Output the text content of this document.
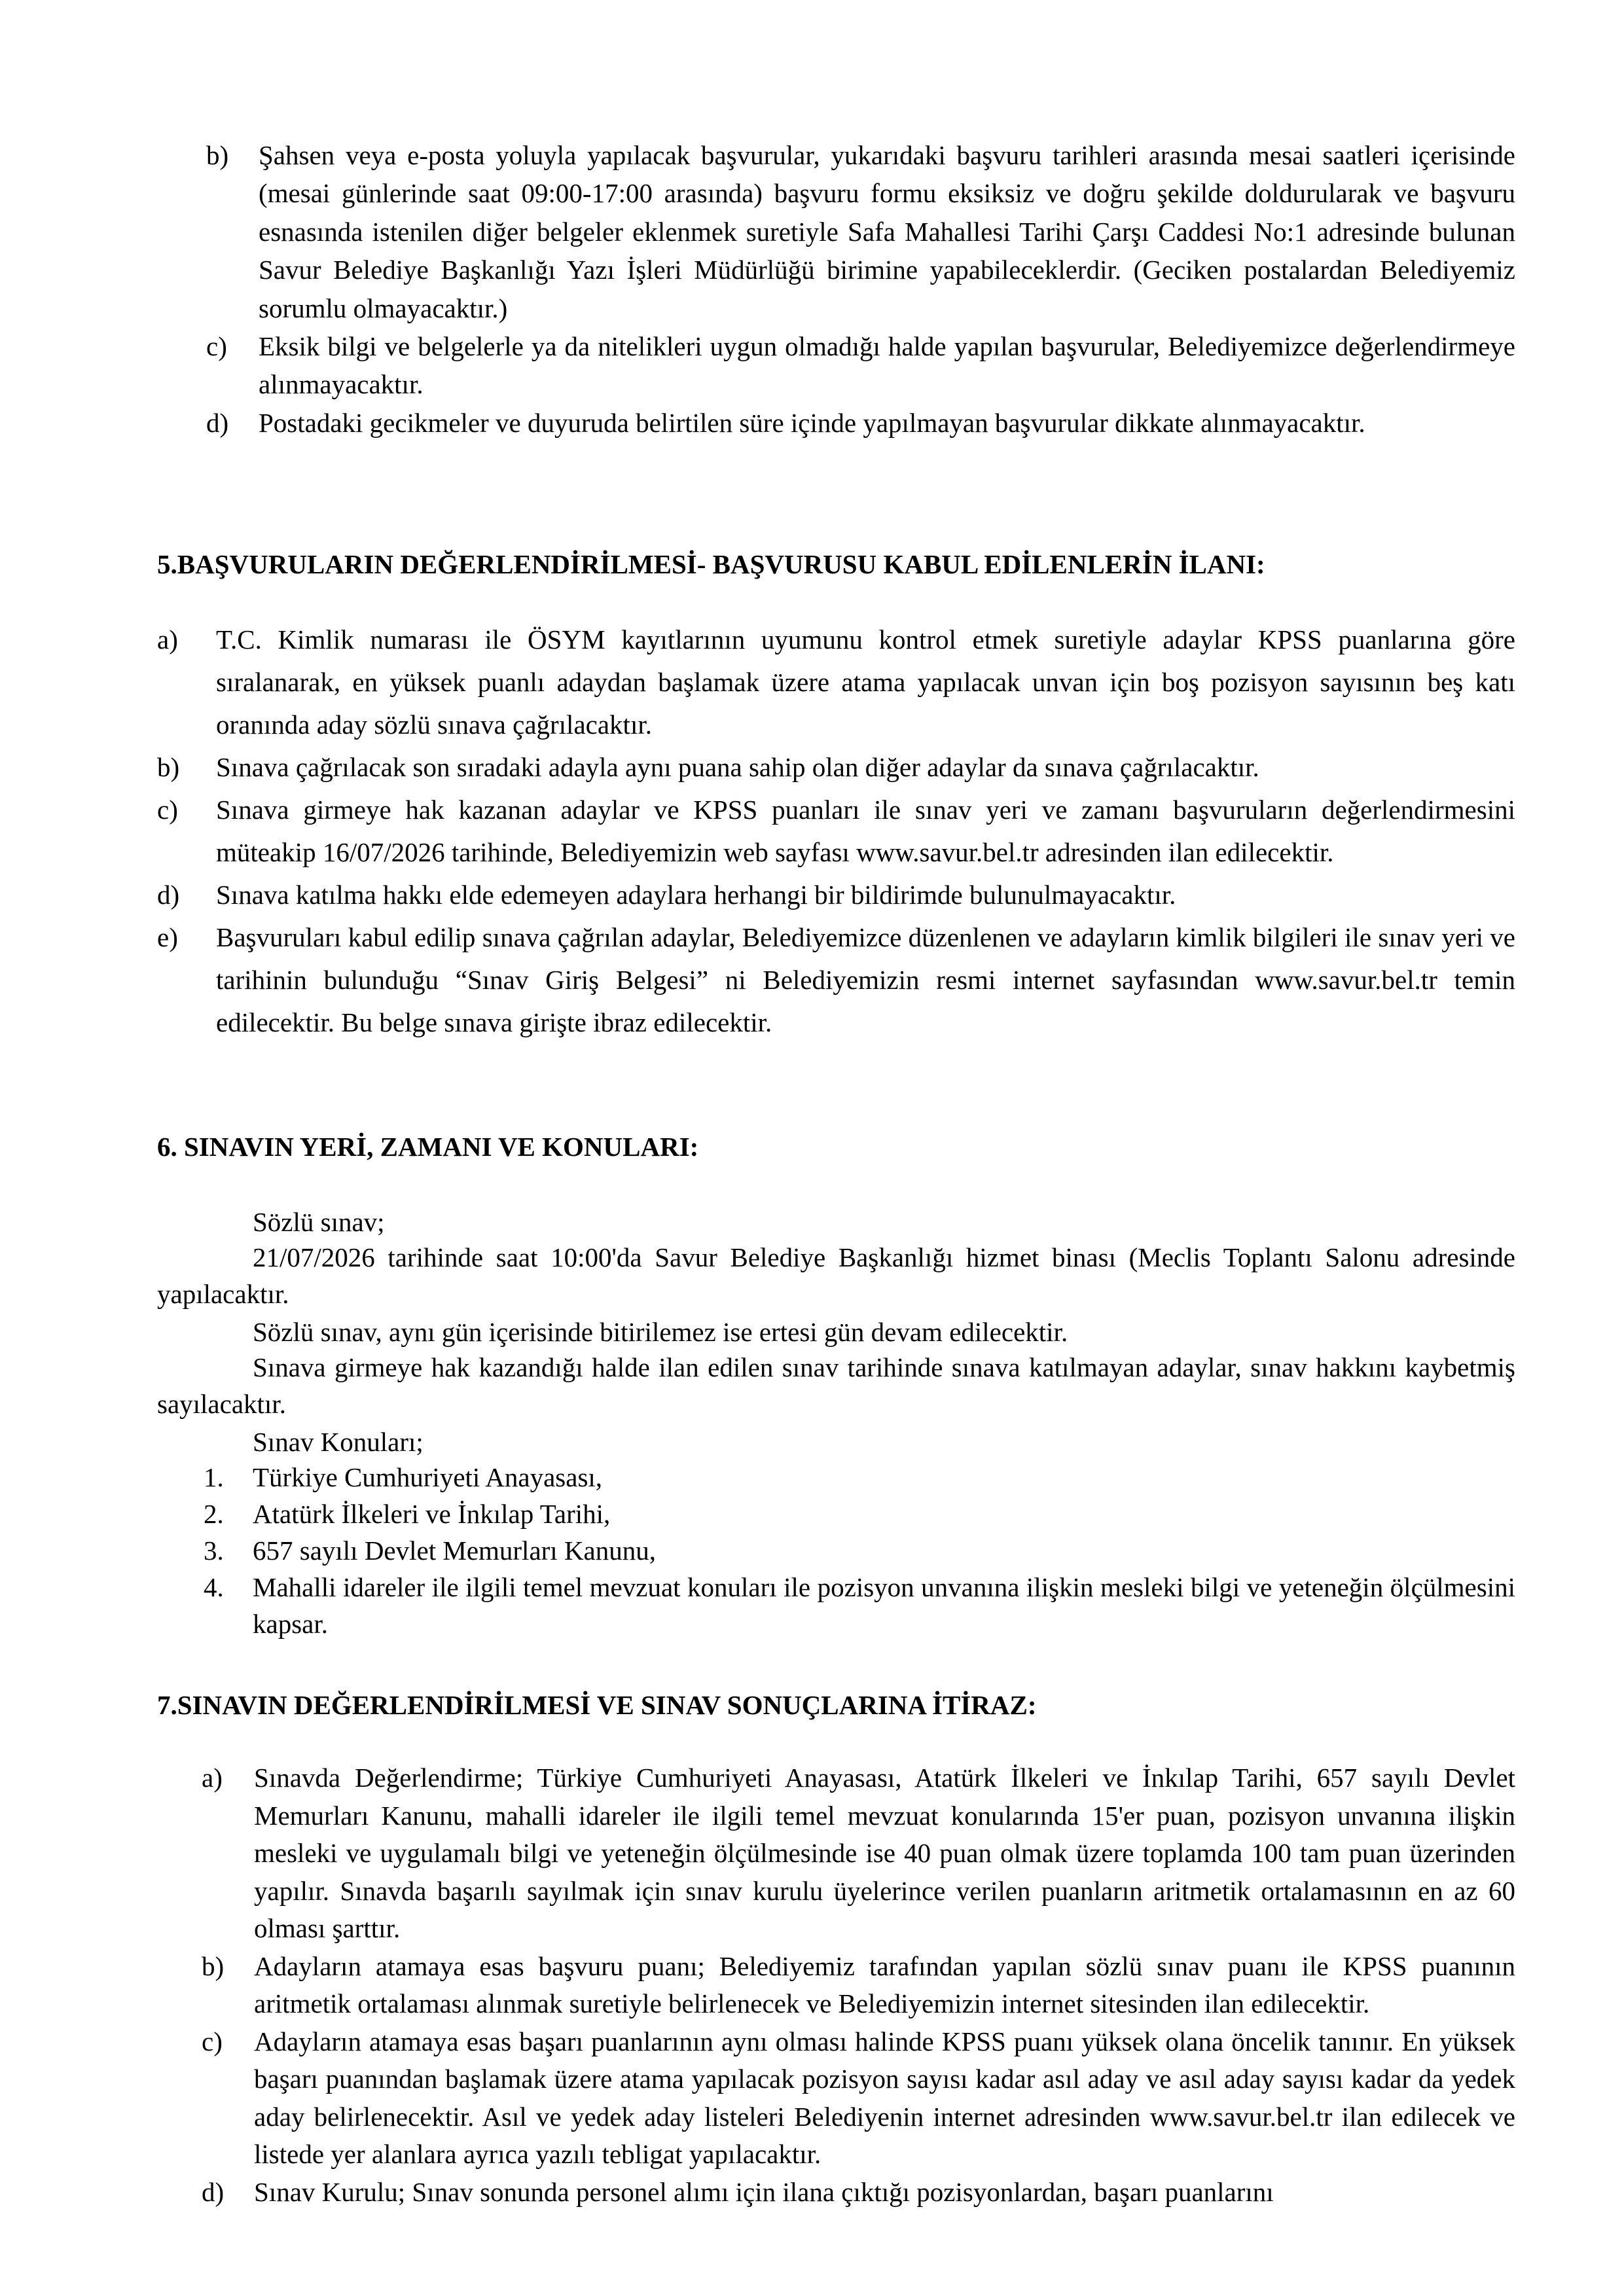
b) Şahsen veya e-posta yoluyla yapılacak başvurular, yukarıdaki başvuru tarihleri arasında mesai saatleri içerisinde (mesai günlerinde saat 09:00-17:00 arasında) başvuru formu eksiksiz ve doğru şekilde doldurularak ve başvuru esnasında istenilen diğer belgeler eklenmek suretiyle Safa Mahallesi Tarihi Çarşı Caddesi No:1 adresinde bulunan Savur Belediye Başkanlığı Yazı İşleri Müdürlüğü birimine yapabileceklerdir. (Geciken postalardan Belediyemiz sorumlu olmayacaktır.)
c) Eksik bilgi ve belgelerle ya da nitelikleri uygun olmadığı halde yapılan başvurular, Belediyemizce değerlendirmeye alınmayacaktır.
d) Postadaki gecikmeler ve duyuruda belirtilen süre içinde yapılmayan başvurular dikkate alınmayacaktır.
5.BAŞVURULARIN DEĞERLENDİRİLMESİ- BAŞVURUSU KABUL EDİLENLERİN İLANI:
a) T.C. Kimlik numarası ile ÖSYM kayıtlarının uyumunu kontrol etmek suretiyle adaylar KPSS puanlarına göre sıralanarak, en yüksek puanlı adaydan başlamak üzere atama yapılacak unvan için boş pozisyon sayısının beş katı oranında aday sözlü sınava çağrılacaktır.
b) Sınava çağrılacak son sıradaki adayla aynı puana sahip olan diğer adaylar da sınava çağrılacaktır.
c) Sınava girmeye hak kazanan adaylar ve KPSS puanları ile sınav yeri ve zamanı başvuruların değerlendirmesini müteakip 16/07/2026 tarihinde, Belediyemizin web sayfası www.savur.bel.tr adresinden ilan edilecektir.
d) Sınava katılma hakkı elde edemeyen adaylara herhangi bir bildirimde bulunulmayacaktır.
e) Başvuruları kabul edilip sınava çağrılan adaylar, Belediyemizce düzenlenen ve adayların kimlik bilgileri ile sınav yeri ve tarihinin bulunduğu “Sınav Giriş Belgesi” ni Belediyemizin resmi internet sayfasından www.savur.bel.tr temin edilecektir. Bu belge sınava girişte ibraz edilecektir.
6. SINAVIN YERİ, ZAMANI VE KONULARI:
Sözlü sınav;
21/07/2026 tarihinde saat 10:00'da Savur Belediye Başkanlığı hizmet binası (Meclis Toplantı Salonu adresinde yapılacaktır.
Sözlü sınav, aynı gün içerisinde bitirilemez ise ertesi gün devam edilecektir.
Sınava girmeye hak kazandığı halde ilan edilen sınav tarihinde sınava katılmayan adaylar, sınav hakkını kaybetmiş sayılacaktır.
Sınav Konuları;
1. Türkiye Cumhuriyeti Anayasası,
2. Atatürk İlkeleri ve İnkılap Tarihi,
3. 657 sayılı Devlet Memurları Kanunu,
4. Mahalli idareler ile ilgili temel mevzuat konuları ile pozisyon unvanına ilişkin mesleki bilgi ve yeteneğin ölçülmesini kapsar.
7.SINAVIN DEĞERLENDİRİLMESİ VE SINAV SONUÇLARINA İTİRAZ:
a) Sınavda Değerlendirme; Türkiye Cumhuriyeti Anayasası, Atatürk İlkeleri ve İnkılap Tarihi, 657 sayılı Devlet Memurları Kanunu, mahalli idareler ile ilgili temel mevzuat konularında 15'er puan, pozisyon unvanına ilişkin mesleki ve uygulamalı bilgi ve yeteneğin ölçülmesinde ise 40 puan olmak üzere toplamda 100 tam puan üzerinden yapılır. Sınavda başarılı sayılmak için sınav kurulu üyelerince verilen puanların aritmetik ortalamasının en az 60 olması şarttır.
b) Adayların atamaya esas başvuru puanı; Belediyemiz tarafından yapılan sözlü sınav puanı ile KPSS puanının aritmetik ortalaması alınmak suretiyle belirlenecek ve Belediyemizin internet sitesinden ilan edilecektir.
c) Adayların atamaya esas başarı puanlarının aynı olması halinde KPSS puanı yüksek olana öncelik tanınır. En yüksek başarı puanından başlamak üzere atama yapılacak pozisyon sayısı kadar asıl aday ve asıl aday sayısı kadar da yedek aday belirlenecektir. Asıl ve yedek aday listeleri Belediyenin internet adresinden www.savur.bel.tr ilan edilecek ve listede yer alanlara ayrıca yazılı tebligat yapılacaktır.
d) Sınav Kurulu; Sınav sonunda personel alımı için ilana çıktığı pozisyonlardan, başarı puanlarını
